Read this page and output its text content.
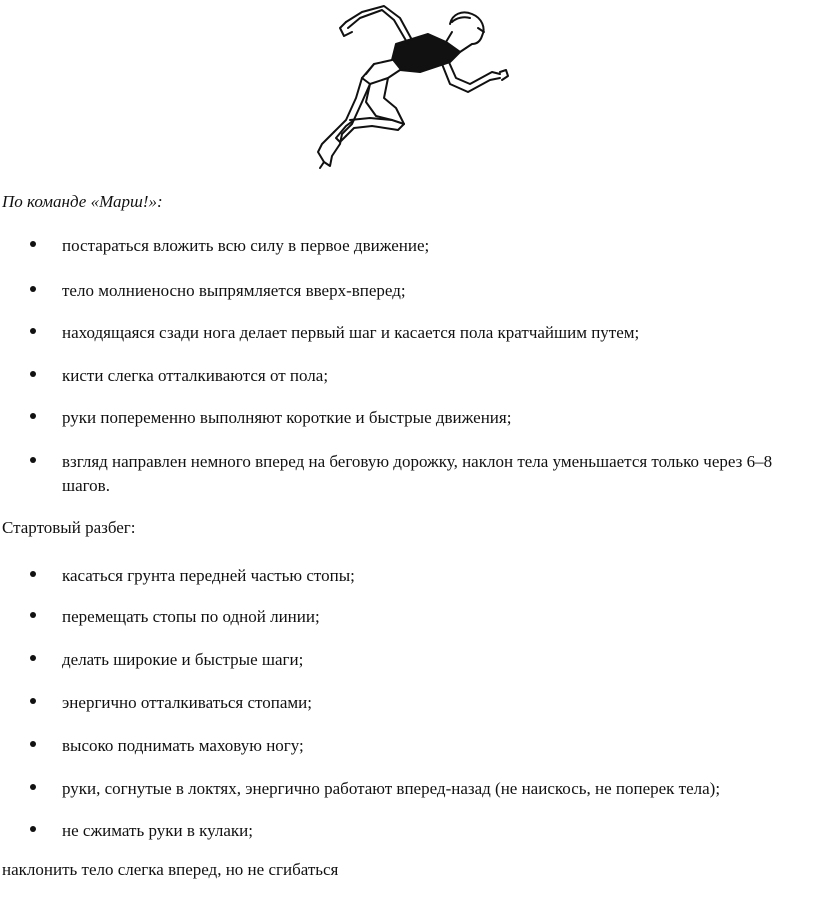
По команде «Марш!»:

постараться вложить всю силу в первое движение;
тело молниеносно выпрямляется вверх-вперед;
находящаяся сзади нога делает первый шаг и касается пола кратчайшим путем;
кисти слегка отталкиваются от пола;
руки попеременно выполняют короткие и быстрые движения;
взгляд направлен немного вперед на беговую дорожку, наклон тела уменьшается только через 6–8 шагов.

Стартовый разбег:

касаться грунта передней частью стопы;
перемещать стопы по одной линии;
делать широкие и быстрые шаги;
энергично отталкиваться стопами;
высоко поднимать маховую ногу;
руки, согнутые в локтях, энергично работают вперед-назад (не наискось, не поперек тела);
не сжимать руки в кулаки;

наклонить тело слегка вперед, но не сгибаться
